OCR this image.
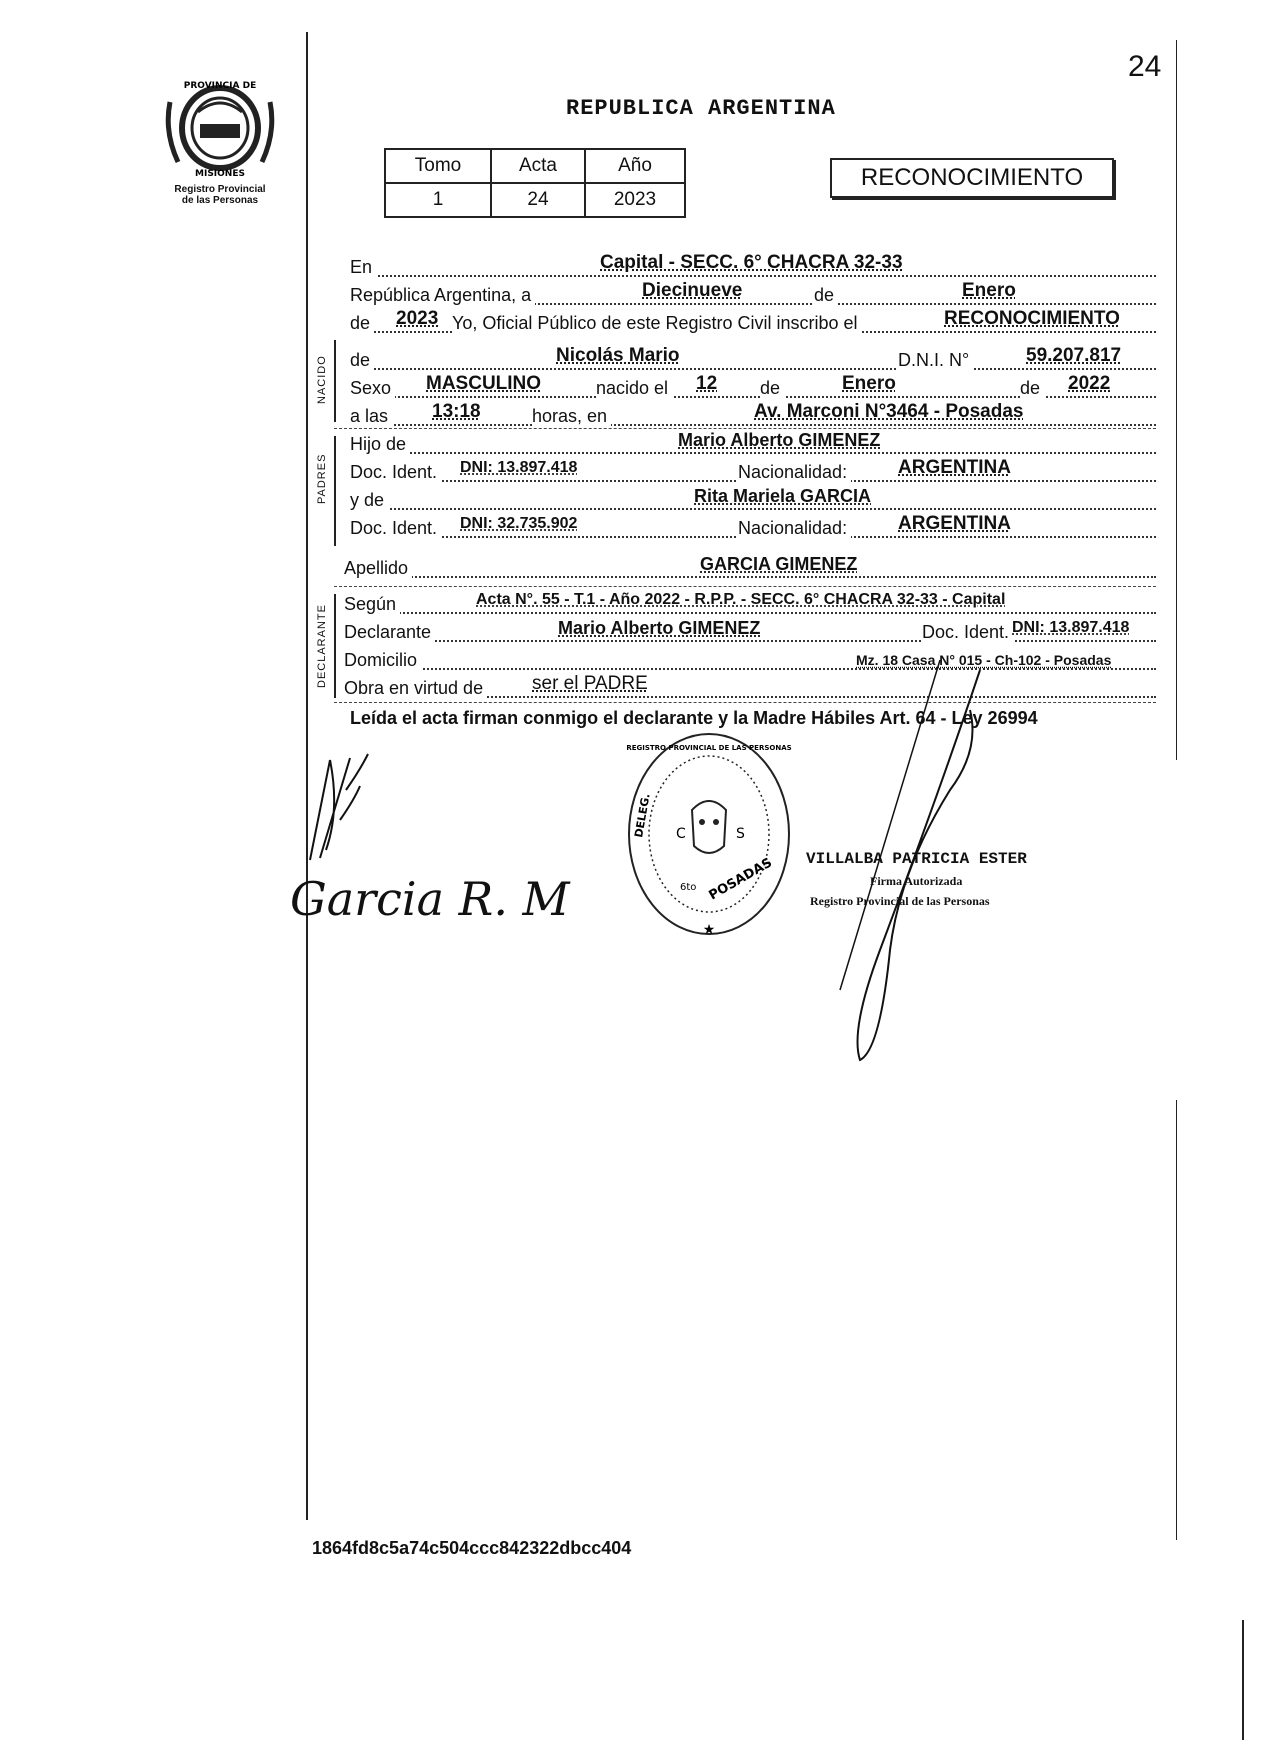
24
PROVINCIA DE
MISIONES
Registro Provincial
de las Personas
REPUBLICA ARGENTINA
Tomo	Acta	Año
1	24	2023
RECONOCIMIENTO
En	Capital - SECC. 6° CHACRA 32-33
República Argentina, a	Diecinueve	de	Enero
de 2023 Yo, Oficial Público de este Registro Civil inscribo el	RECONOCIMIENTO
NACIDO de	Nicolás Mario	D.N.I. N°	59.207.817
Sexo MASCULINO	nacido el 12 de	Enero	de 2022
a las 13:18	horas, en	Av. Marconi N°3464 - Posadas
PADRES
Hijo de	Mario Alberto GIMENEZ
Doc. Ident. DNI: 13.897.418	Nacionalidad:	ARGENTINA
y de	Rita Mariela GARCIA
Doc. Ident. DNI: 32.735.902	Nacionalidad:	ARGENTINA
Apellido	GARCIA GIMENEZ
DECLARANTE
Según	Acta N°. 55 - T.1 - Año 2022 - R.P.P. - SECC. 6° CHACRA 32-33 - Capital
Declarante	Mario Alberto GIMENEZ	Doc. Ident. DNI: 13.897.418
Domicilio	Mz. 18 Casa N° 015 - Ch-102 - Posadas
Obra en virtud de	ser el PADRE
Leída el acta firman conmigo el declarante y la Madre Hábiles Art. 64 - Ley 26994
Garcia R. M
REGISTRO PROVINCIAL DE LAS PERSONAS
DELEG. C	S
6to POSADAS
★
VILLALBA PATRICIA ESTER
Firma Autorizada
Registro Provincial de las Personas
1864fd8c5a74c504ccc842322dbcc404
